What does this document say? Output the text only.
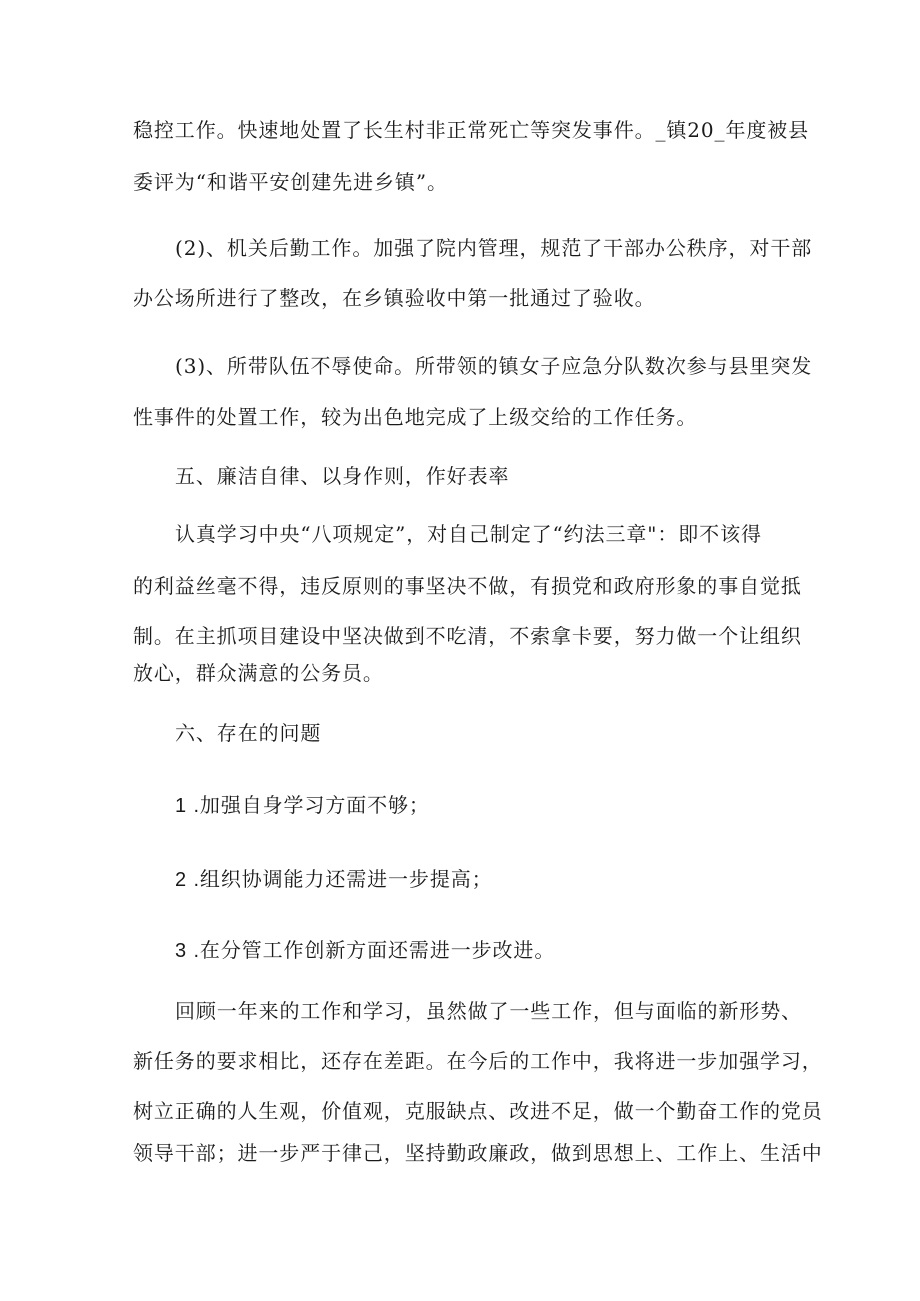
稳控工作。快速地处置了长生村非正常死亡等突发事件。_镇20_年度被县
委评为“和谐平安创建先进乡镇”。
(2)、机关后勤工作。加强了院内管理，规范了干部办公秩序，对干部
办公场所进行了整改，在乡镇验收中第一批通过了验收。
(3)、所带队伍不辱使命。所带领的镇女子应急分队数次参与县里突发
性事件的处置工作，较为出色地完成了上级交给的工作任务。
五、廉洁自律、以身作则，作好表率
认真学习中央“八项规定”，对自己制定了“约法三章"：即不该得
的利益丝毫不得，违反原则的事坚决不做，有损党和政府形象的事自觉抵
制。在主抓项目建设中坚决做到不吃清，不索拿卡要，努力做一个让组织
放心，群众满意的公务员。
六、存在的问题
1 .加强自身学习方面不够；
2 .组织协调能力还需进一步提高；
3 .在分管工作创新方面还需进一步改进。
回顾一年来的工作和学习，虽然做了一些工作，但与面临的新形势、
新任务的要求相比，还存在差距。在今后的工作中，我将进一步加强学习，
树立正确的人生观，价值观，克服缺点、改进不足，做一个勤奋工作的党员
领导干部；进一步严于律己，坚持勤政廉政，做到思想上、工作上、生活中
